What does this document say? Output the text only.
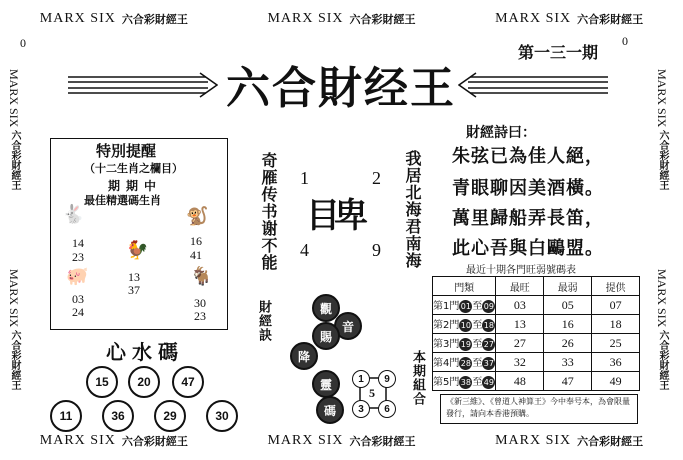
MARX SIX 六合彩財經王	MARX SIX 六合彩財經王	MARX SIX 六合彩財經王
0	0
MARX SIX 六合彩財經王	MARX SIX 六合彩財經王	MARX SIX 六合彩財經王
MARX SIX 六合彩財經王
MARX SIX 六合彩財經王
MARX SIX 六合彩財經王
MARX SIX 六合彩財經王
六合財经王
第一三一期
特別提醒
（十二生肖之欄目）
期期中
最佳精選碼生肖
🐇	🐒
🐓
🐖	🐐
14
23
03
24
13
37
16
41
30
23
奇雁传书谢不能	我居北海君南海
1	2
4	9
目卑
財經訣	觀
音
賜
降
靈
碼
1	9
5
3	6
本期組合
心水碼
15	20	47
11	36	29	30
財經詩曰：
朱弦已為佳人絕，
青眼聊因美酒橫。
萬里歸船弄長笛，
此心吾與白鷗盟。
最近十期各門旺弱號碼表
門類	最旺	最弱	提供
第1門01至09	03	05	07
第2門10至18	13	16	18
第3門19至27	27	26	25
第4門28至37	32	33	36
第5門38至49	48	47	49
《新三維》、《曾道人神算王》今中奉号本，為會限量發行，請向本香港預購。
